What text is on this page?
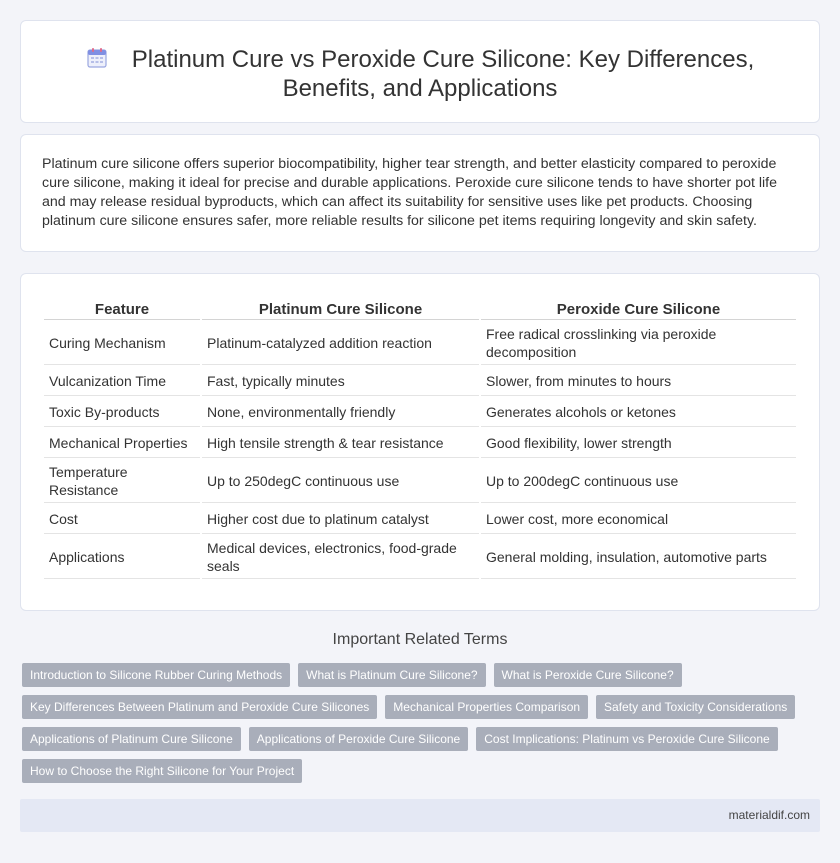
Platinum Cure vs Peroxide Cure Silicone: Key Differences, Benefits, and Applications

Platinum cure silicone offers superior biocompatibility, higher tear strength, and better elasticity compared to peroxide cure silicone, making it ideal for precise and durable applications. Peroxide cure silicone tends to have shorter pot life and may release residual byproducts, which can affect its suitability for sensitive uses like pet products. Choosing platinum cure silicone ensures safer, more reliable results for silicone pet items requiring longevity and skin safety.

Feature	Platinum Cure Silicone	Peroxide Cure Silicone
Curing Mechanism	Platinum-catalyzed addition reaction	Free radical crosslinking via peroxide decomposition
Vulcanization Time	Fast, typically minutes	Slower, from minutes to hours
Toxic By-products	None, environmentally friendly	Generates alcohols or ketones
Mechanical Properties	High tensile strength & tear resistance	Good flexibility, lower strength
Temperature Resistance	Up to 250degC continuous use	Up to 200degC continuous use
Cost	Higher cost due to platinum catalyst	Lower cost, more economical
Applications	Medical devices, electronics, food-grade seals	General molding, insulation, automotive parts
Important Related Terms
Introduction to Silicone Rubber Curing Methods	What is Platinum Cure Silicone?	What is Peroxide Cure Silicone?
Key Differences Between Platinum and Peroxide Cure Silicones	Mechanical Properties Comparison	Safety and Toxicity Considerations
Applications of Platinum Cure Silicone	Applications of Peroxide Cure Silicone	Cost Implications: Platinum vs Peroxide Cure Silicone
How to Choose the Right Silicone for Your Project
materialdif.com
